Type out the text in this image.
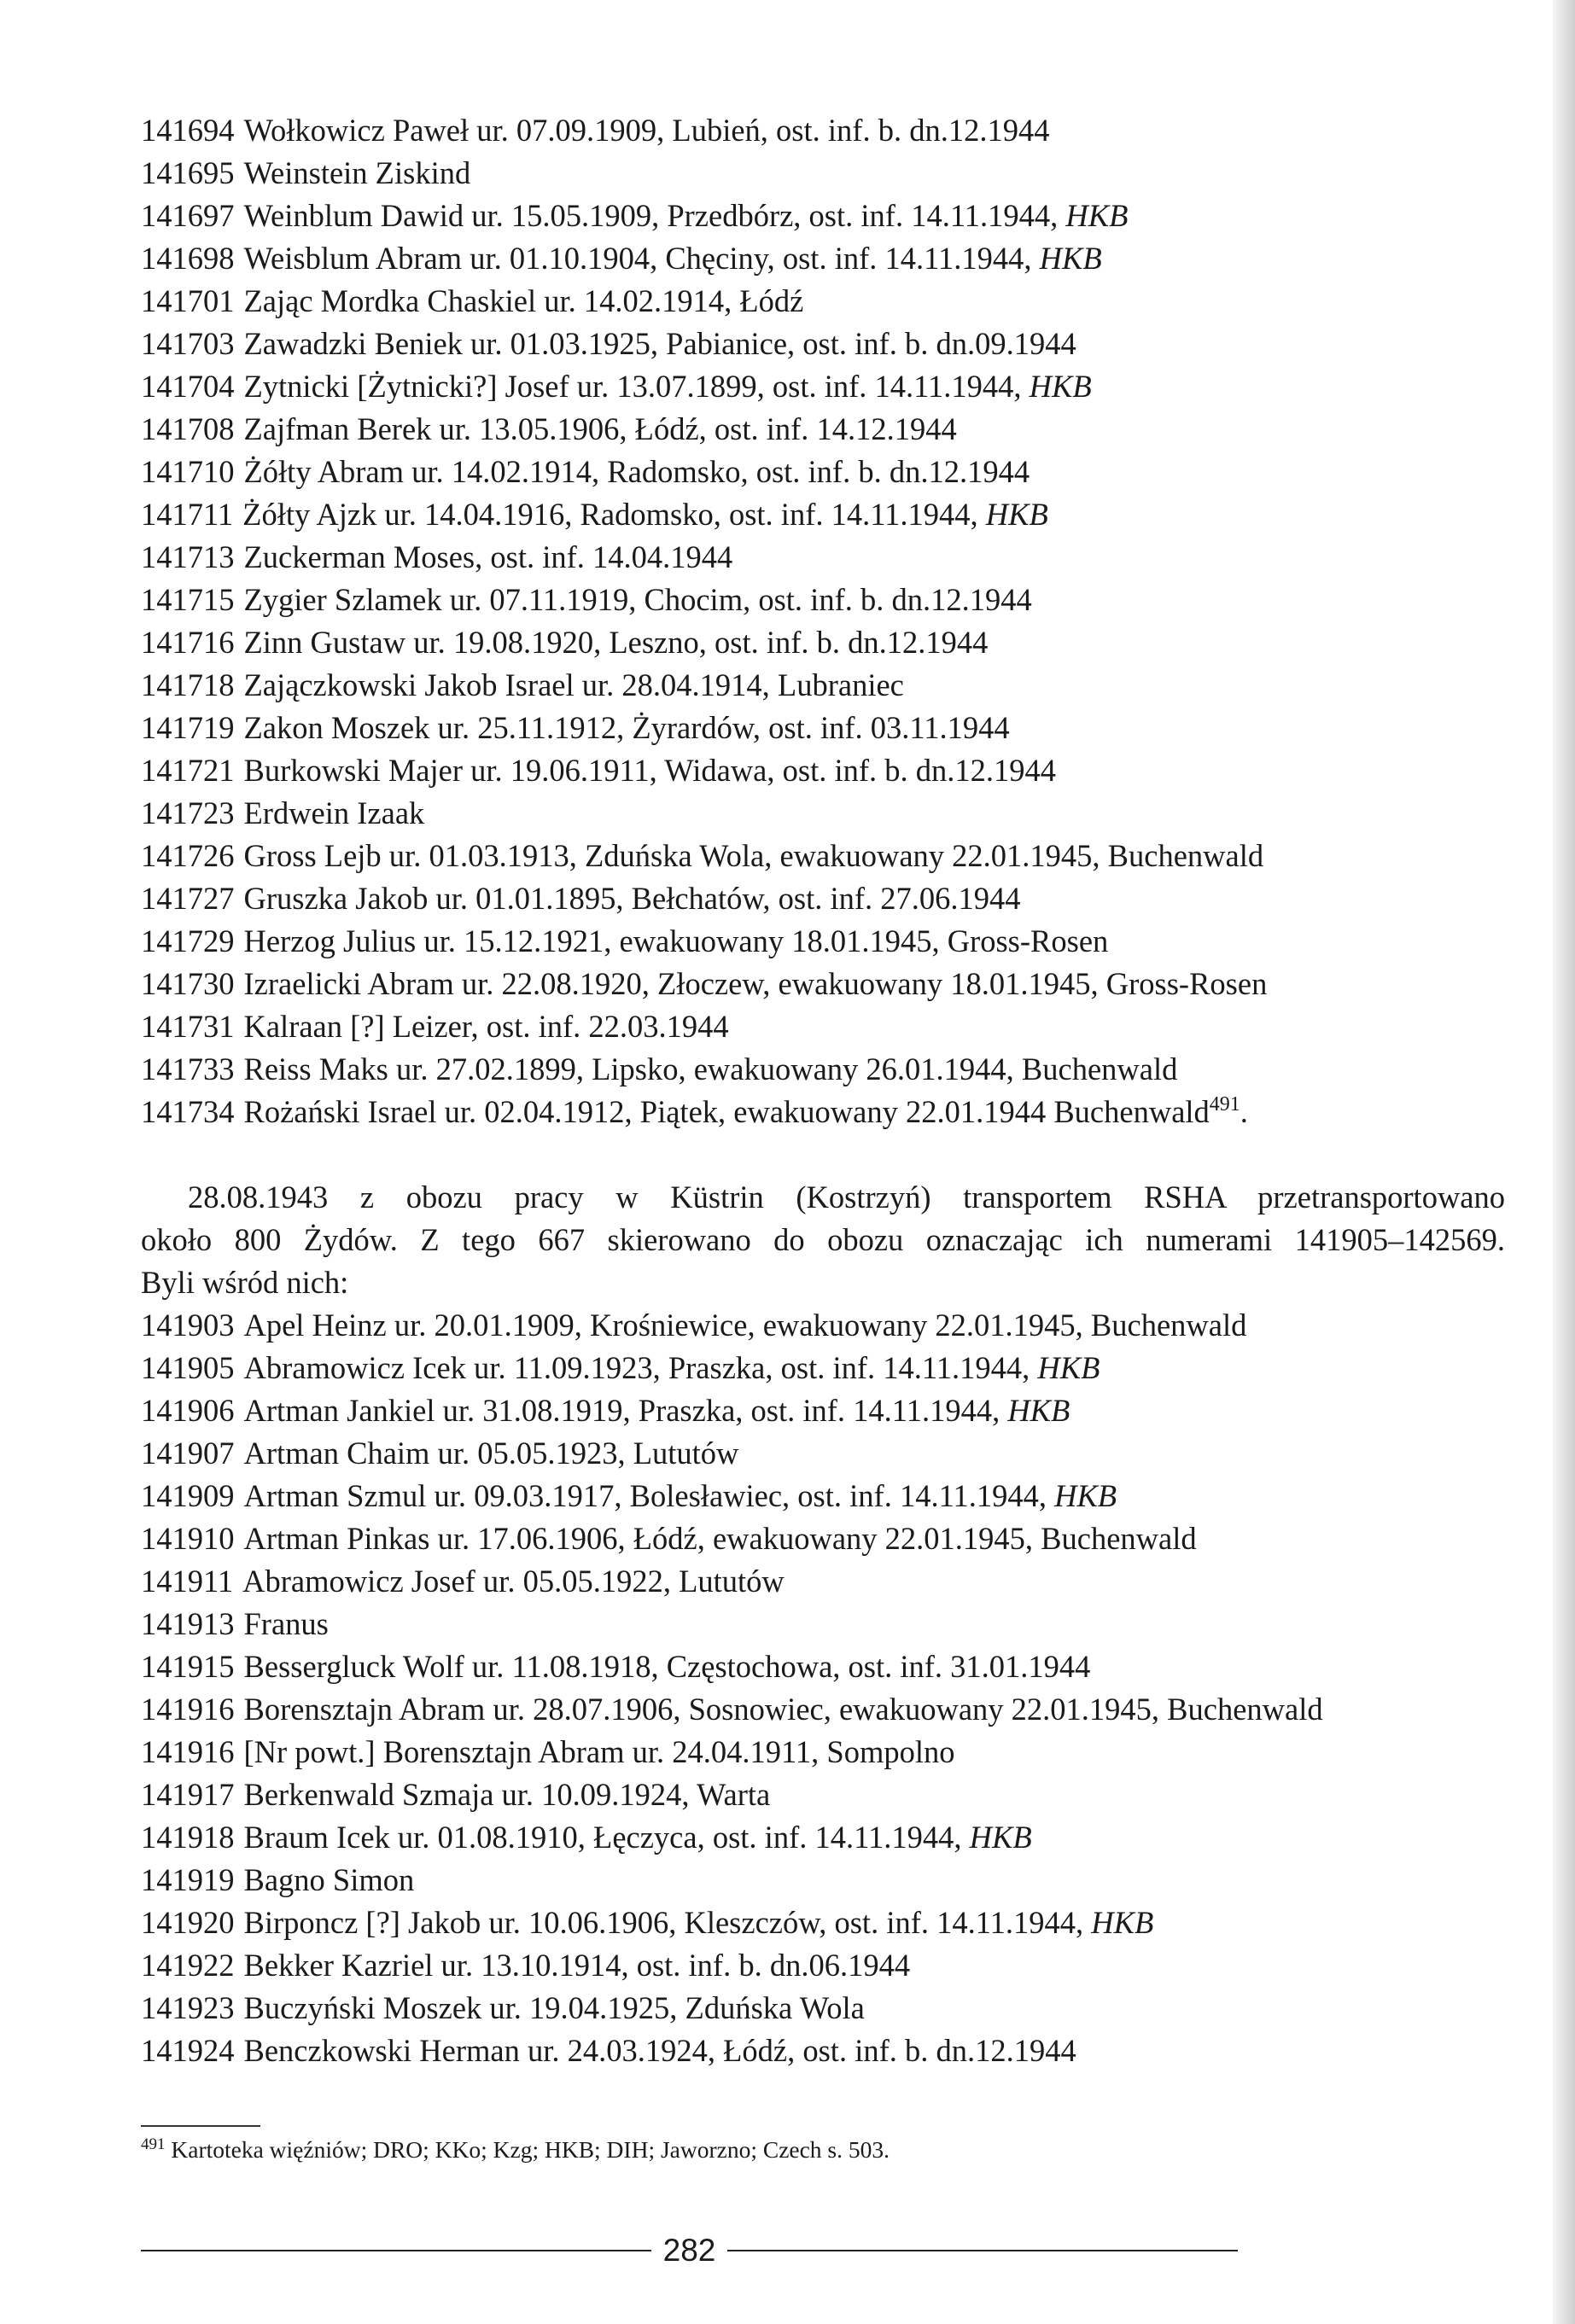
141694 Wołkowicz Paweł ur. 07.09.1909, Lubień, ost. inf. b. dn.12.1944
141695 Weinstein Ziskind
141697 Weinblum Dawid ur. 15.05.1909, Przedbórz, ost. inf. 14.11.1944, HKB
141698 Weisblum Abram ur. 01.10.1904, Chęciny, ost. inf. 14.11.1944, HKB
141701 Zając Mordka Chaskiel ur. 14.02.1914, Łódź
141703 Zawadzki Beniek ur. 01.03.1925, Pabianice, ost. inf. b. dn.09.1944
141704 Zytnicki [Żytnicki?] Josef ur. 13.07.1899, ost. inf. 14.11.1944, HKB
141708 Zajfman Berek ur. 13.05.1906, Łódź, ost. inf. 14.12.1944
141710 Żółty Abram ur. 14.02.1914, Radomsko, ost. inf. b. dn.12.1944
141711 Żółty Ajzk ur. 14.04.1916, Radomsko, ost. inf. 14.11.1944, HKB
141713 Zuckerman Moses, ost. inf. 14.04.1944
141715 Zygier Szlamek ur. 07.11.1919, Chocim, ost. inf. b. dn.12.1944
141716 Zinn Gustaw ur. 19.08.1920, Leszno, ost. inf. b. dn.12.1944
141718 Zajączkowski Jakob Israel ur. 28.04.1914, Lubraniec
141719 Zakon Moszek ur. 25.11.1912, Żyrardów, ost. inf. 03.11.1944
141721 Burkowski Majer ur. 19.06.1911, Widawa, ost. inf. b. dn.12.1944
141723 Erdwein Izaak
141726 Gross Lejb ur. 01.03.1913, Zduńska Wola, ewakuowany 22.01.1945, Buchenwald
141727 Gruszka Jakob ur. 01.01.1895, Bełchatów, ost. inf. 27.06.1944
141729 Herzog Julius ur. 15.12.1921, ewakuowany 18.01.1945, Gross-Rosen
141730 Izraelicki Abram ur. 22.08.1920, Złoczew, ewakuowany 18.01.1945, Gross-Rosen
141731 Kalraan [?] Leizer, ost. inf. 22.03.1944
141733 Reiss Maks ur. 27.02.1899, Lipsko, ewakuowany 26.01.1944, Buchenwald
141734 Rożański Israel ur. 02.04.1912, Piątek, ewakuowany 22.01.1944 Buchenwald$^{491}$.
28.08.1943 z obozu pracy w Küstrin (Kostrzyń) transportem RSHA przetransportowano
około 800 Żydów. Z tego 667 skierowano do obozu oznaczając ich numerami 141905–142569.
Byli wśród nich:
141903 Apel Heinz ur. 20.01.1909, Krośniewice, ewakuowany 22.01.1945, Buchenwald
141905 Abramowicz Icek ur. 11.09.1923, Praszka, ost. inf. 14.11.1944, HKB
141906 Artman Jankiel ur. 31.08.1919, Praszka, ost. inf. 14.11.1944, HKB
141907 Artman Chaim ur. 05.05.1923, Lututów
141909 Artman Szmul ur. 09.03.1917, Bolesławiec, ost. inf. 14.11.1944, HKB
141910 Artman Pinkas ur. 17.06.1906, Łódź, ewakuowany 22.01.1945, Buchenwald
141911 Abramowicz Josef ur. 05.05.1922, Lututów
141913 Franus
141915 Bessergluck Wolf ur. 11.08.1918, Częstochowa, ost. inf. 31.01.1944
141916 Borensztajn Abram ur. 28.07.1906, Sosnowiec, ewakuowany 22.01.1945, Buchenwald
141916 [Nr powt.] Borensztajn Abram ur. 24.04.1911, Sompolno
141917 Berkenwald Szmaja ur. 10.09.1924, Warta
141918 Braum Icek ur. 01.08.1910, Łęczyca, ost. inf. 14.11.1944, HKB
141919 Bagno Simon
141920 Birponcz [?] Jakob ur. 10.06.1906, Kleszczów, ost. inf. 14.11.1944, HKB
141922 Bekker Kazriel ur. 13.10.1914, ost. inf. b. dn.06.1944
141923 Buczyński Moszek ur. 19.04.1925, Zduńska Wola
141924 Benczkowski Herman ur. 24.03.1924, Łódź, ost. inf. b. dn.12.1944
$^{491}$ Kartoteka więźniów; DRO; KKo; Kzg; HKB; DIH; Jaworzno; Czech s. 503.
282
